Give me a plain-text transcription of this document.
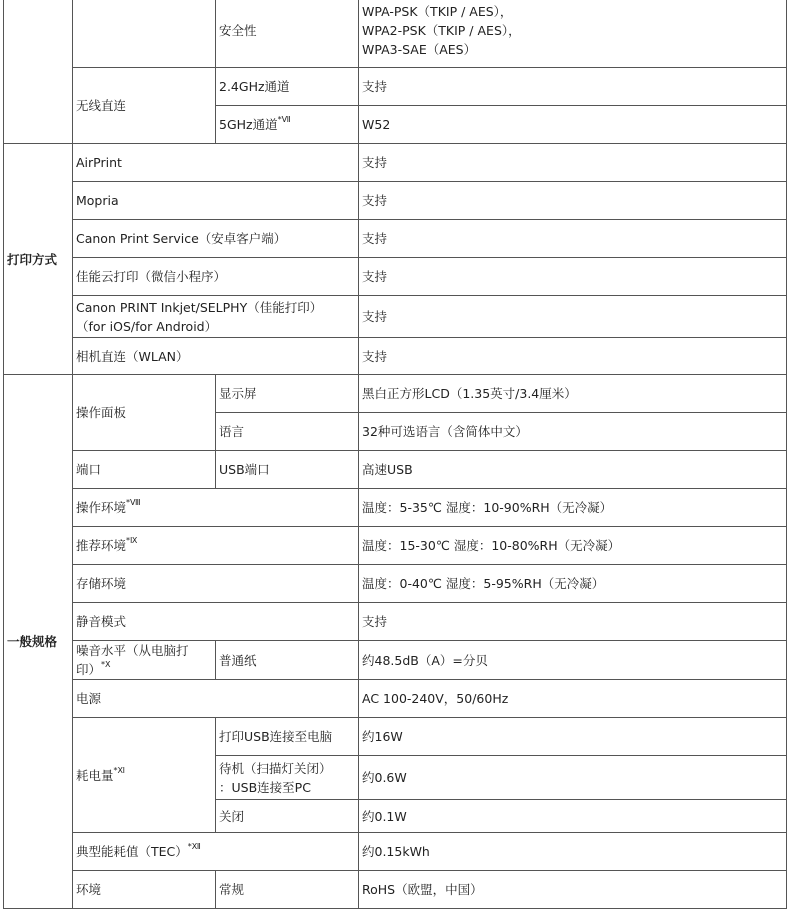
		安全性	WPA-PSK（TKIP / AES），
WPA2-PSK（TKIP / AES），
WPA3-SAE（AES）
	无线直连	2.4GHz通道	支持
		5GHz通道$^{*Ⅶ}$	W52
打印方式	AirPrint		支持
	Mopria		支持
	Canon Print Service（安卓客户端）		支持
	佳能云打印（微信小程序）		支持
	Canon PRINT Inkjet/SELPHY（佳能打印）
（for iOS/for Android）		支持
	相机直连（WLAN）		支持
一般规格	操作面板	显示屏	黑白正方形LCD（1.35英寸/3.4厘米）
		语言	32种可选语言（含简体中文）
	端口	USB端口	高速USB
	操作环境$^{*Ⅷ}$		温度：5-35℃ 湿度：10-90%RH（无冷凝）
	推荐环境$^{*Ⅸ}$		温度：15-30℃ 湿度：10-80%RH（无冷凝）
	存储环境		温度：0-40℃ 湿度：5-95%RH（无冷凝）
	静音模式		支持
	噪音水平（从电脑打
印）$^{*Ⅹ}$	普通纸	约48.5dB（A）=分贝
	电源		AC 100-240V，50/60Hz
	耗电量$^{*Ⅺ}$	打印USB连接至电脑	约16W
		待机（扫描灯关闭）
：USB连接至PC	约0.6W
		关闭	约0.1W
	典型能耗值（TEC）$^{*Ⅻ}$		约0.15kWh
	环境	常规	RoHS（欧盟，中国）
